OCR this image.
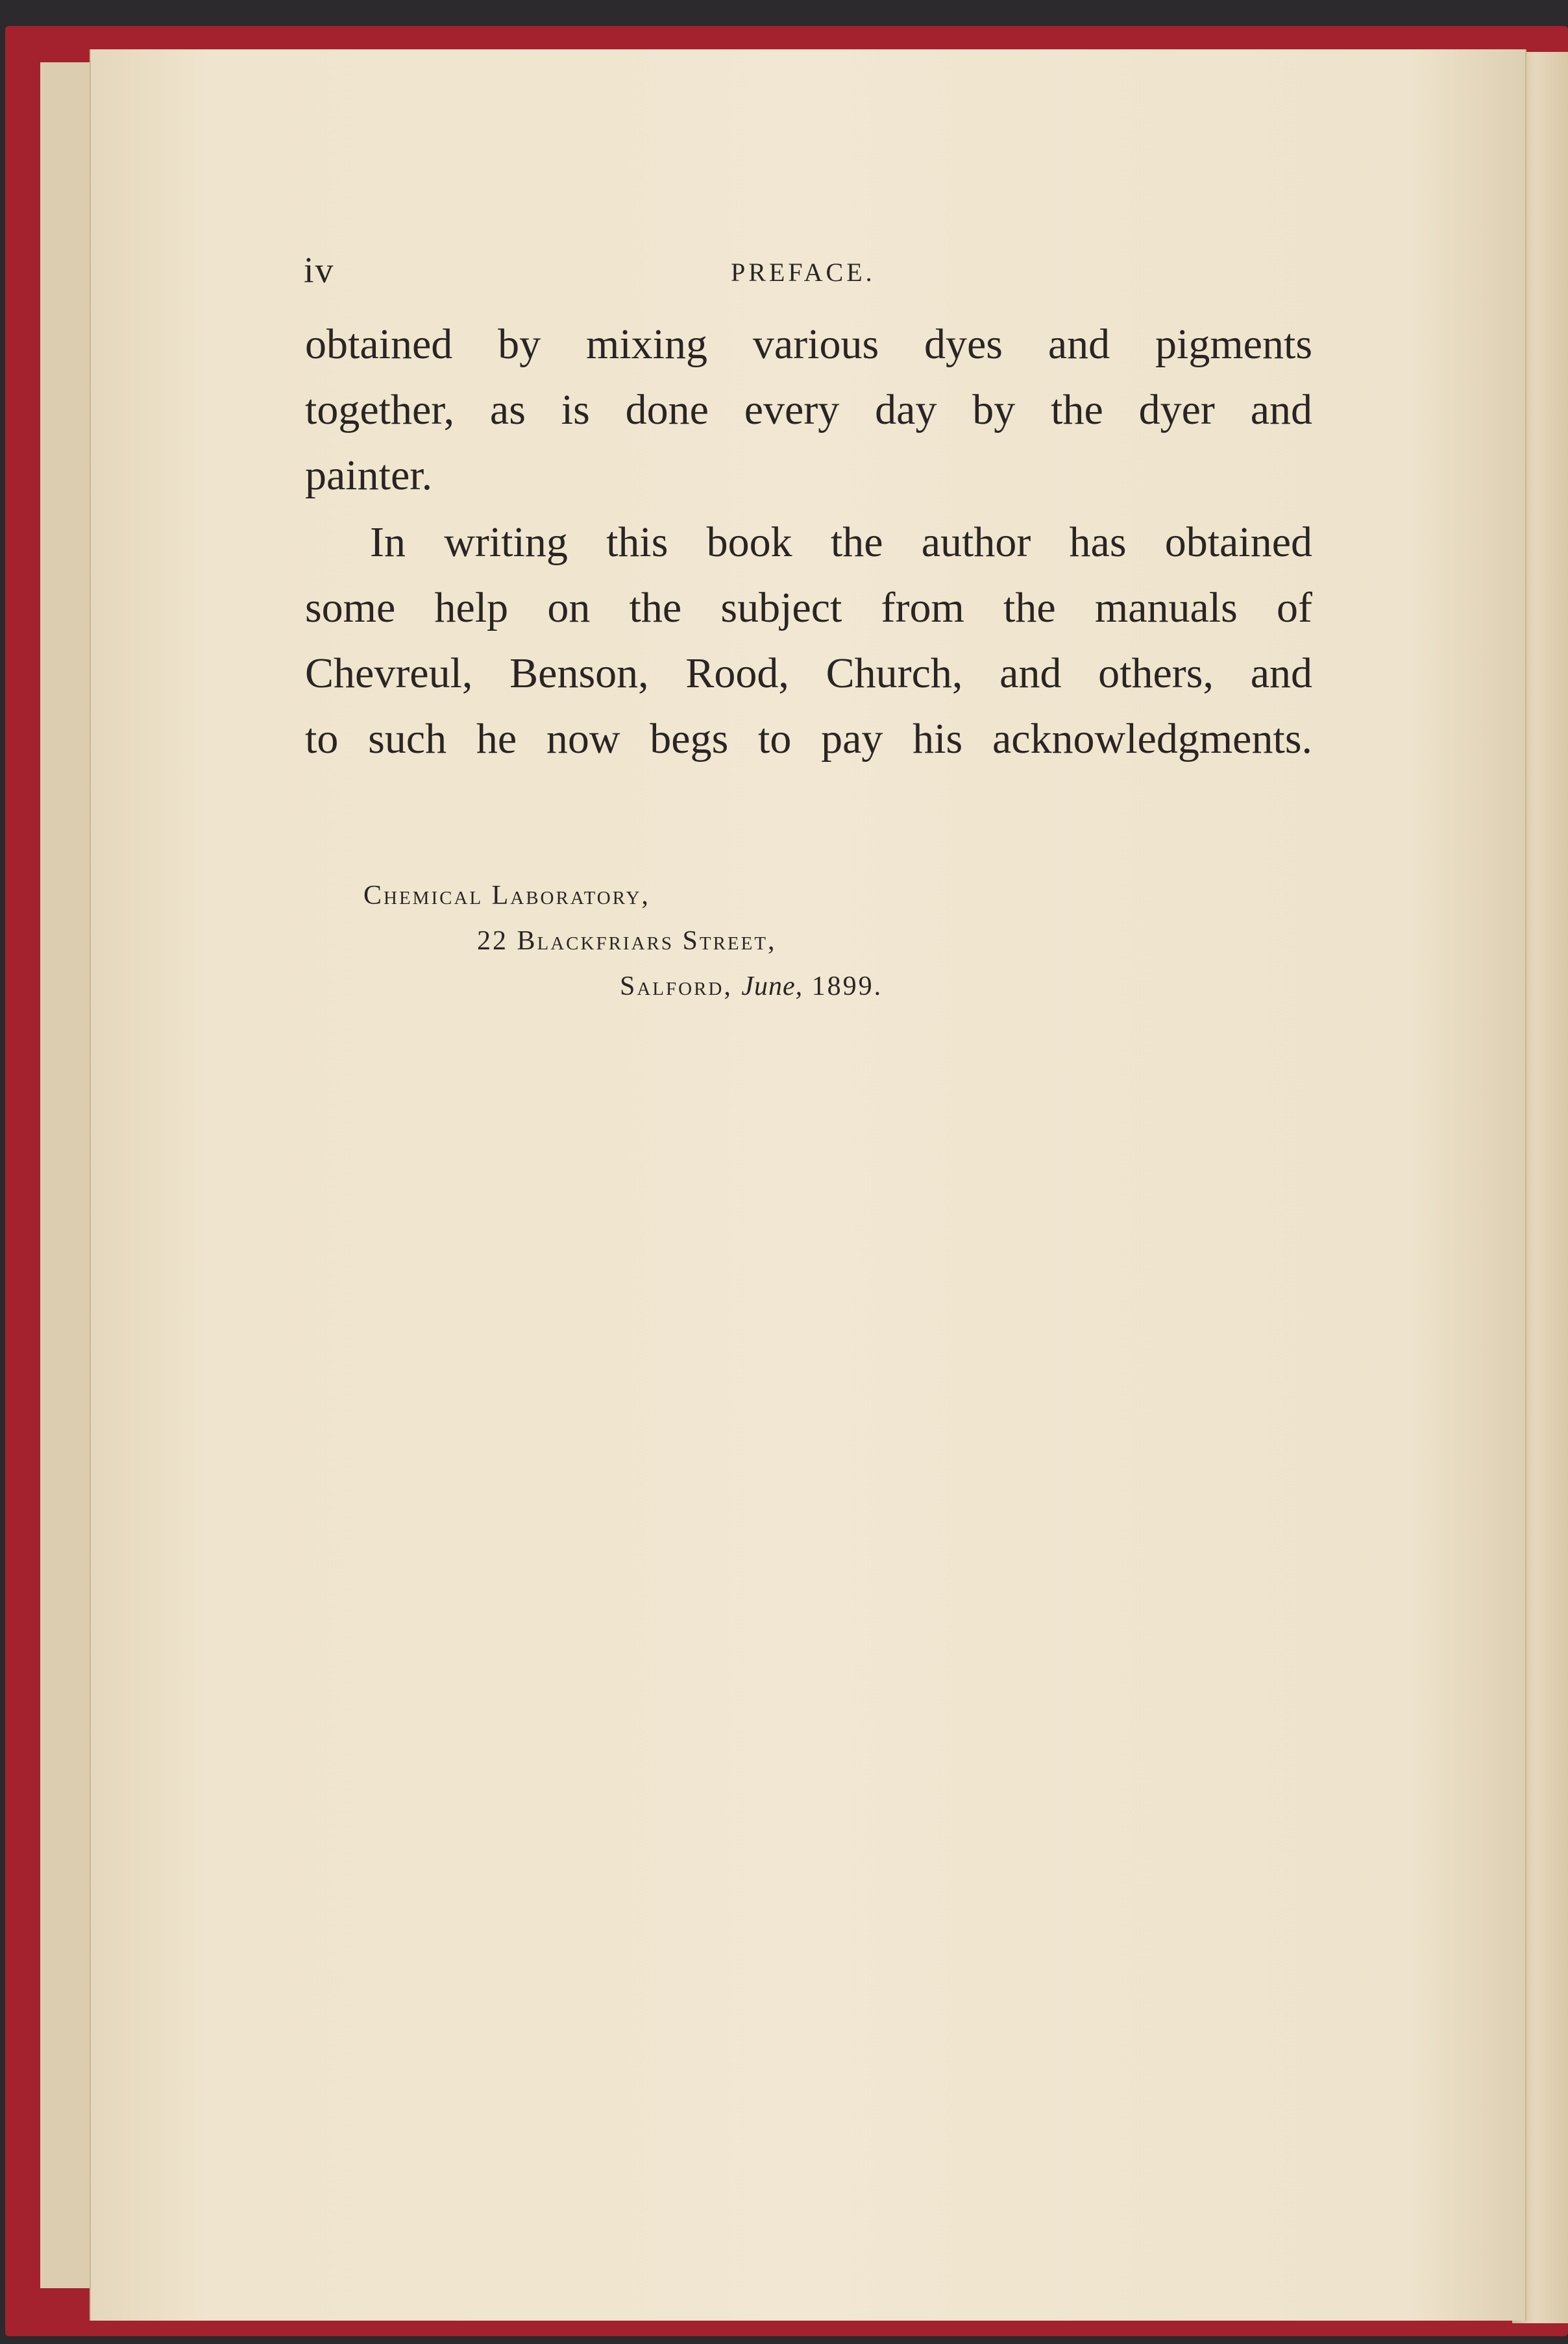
iv	PREFACE.
obtained by mixing various dyes and pigments
together, as is done every day by the dyer and
painter.
In writing this book the author has obtained
some help on the subject from the manuals of
Chevreul, Benson, Rood, Church, and others, and
to such he now begs to pay his acknowledgments.
Chemical Laboratory,
22 Blackfriars Street,
Salford, June, 1899.
